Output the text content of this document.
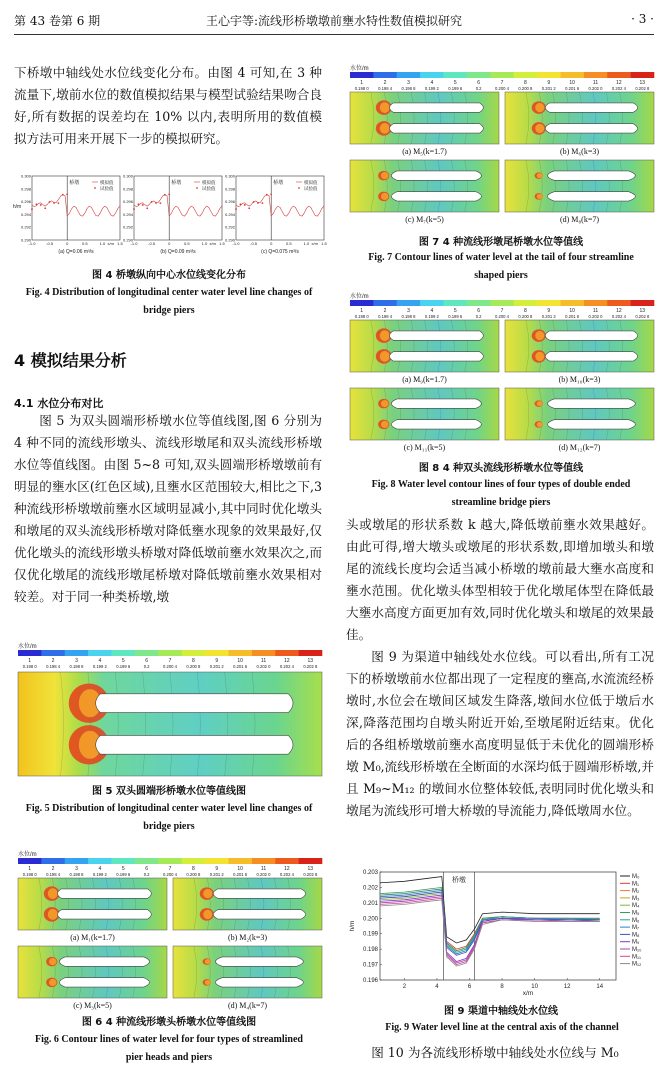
第 43 卷第 6 期	王心宇等:流线形桥墩墩前壅水特性数值模拟研究	· 3 ·

下桥墩中轴线处水位线变化分布。由图 4 可知,在 3 种流量下,墩前水位的数值模拟结果与模型试验结果吻合良好,所有数据的误差均在 10% 以内,表明所用的数值模拟方法可用来开展下一步的模拟研究。

0.300
0.298
0.296
0.294
0.292
0.290
-1.0	-0.5	0	0.5	1.0	1.5
h/m
x/m
桥墩	模拟值
试验值
(a) Q=0.06 m³/s
0.300
0.298
0.296
0.294
0.292
0.290
-1.0	-0.5	0	0.5	1.0	1.5
x/m
桥墩	模拟值
试验值
(b) Q=0.09 m³/s
0.300
0.298
0.296
0.294
0.292
0.290
-1.0	-0.5	0	0.5	1.0	1.5
x/m
桥墩	模拟值
试验值
(c) Q=0.075 m³/s
图 4 桥墩纵向中心水位线变化分布
Fig. 4 Distribution of longitudinal center water level line changes of bridge piers
4 模拟结果分析
4.1 水位分布对比

图 5 为双头圆端形桥墩水位等值线图,图 6 分别为 4 种不同的流线形墩头、流线形墩尾和双头流线形桥墩水位等值线图。由图 5~8 可知,双头圆端形桥墩墩前有明显的壅水区(红色区域),且壅水区范围较大,相比之下,3 种流线形桥墩墩前壅水区域明显减小,其中同时优化墩头和墩尾的双头流线形桥墩对降低壅水现象的效果最好,仅优化墩头的流线形墩头桥墩对降低墩前壅水效果次之,而仅优化墩尾的流线形墩尾桥墩对降低墩前壅水效果相对较差。对于同一种类桥墩,墩

水位/m
1
0.198 0
2
0.198 4
3
0.198 8
4
0.199 2
5
0.199 6
6
0.2
7
0.200 4
8
0.200 8
9
0.201 2
10
0.201 6
11
0.202 0
12
0.202 4
13
0.202 8
图 5 双头圆端形桥墩水位等值线图
Fig. 5 Distribution of longitudinal center water level line changes of bridge piers
水位/m
1
0.198 0
2
0.198 4
3
0.198 8
4
0.199 2
5
0.199 6
6
0.2
7
0.200 4
8
0.200 8
9
0.201 2
10
0.201 6
11
0.202 0
12
0.202 4
13
0.202 8
(a) M₁(k=1.7)	(b) M₂(k=3)
(c) M₃(k=5)	(d) M₄(k=7)
图 6 4 种流线形墩头桥墩水位等值线图
Fig. 6 Contour lines of water level for four types of streamlined pier heads and piers
水位/m
1
0.198 0
2
0.198 4
3
0.198 8
4
0.199 2
5
0.199 6
6
0.2
7
0.200 4
8
0.200 8
9
0.201 2
10
0.201 6
11
0.202 0
12
0.202 4
13
0.202 8
(a) M₅(k=1.7)	(b) M₆(k=3)
(c) M₇(k=5)	(d) M₈(k=7)
图 7 4 种流线形墩尾桥墩水位等值线
Fig. 7 Contour lines of water level at the tail of four streamline shaped piers
水位/m
1
0.198 0
2
0.198 4
3
0.198 8
4
0.199 2
5
0.199 6
6
0.2
7
0.200 4
8
0.200 8
9
0.201 2
10
0.201 6
11
0.202 0
12
0.202 4
13
0.202 8
(a) M₉(k=1.7)	(b) M₁₀(k=3)
(c) M₁₁(k=5)	(d) M₁₂(k=7)
图 8 4 种双头流线形桥墩水位等值线
Fig. 8 Water level contour lines of four types of double ended streamline bridge piers

头或墩尾的形状系数 k 越大,降低墩前壅水效果越好。由此可得,增大墩头或墩尾的形状系数,即增加墩头和墩尾的流线长度均会适当减小桥墩的墩前最大壅水高度和壅水范围。优化墩头体型相较于优化墩尾体型在降低最大壅水高度方面更加有效,同时优化墩头和墩尾的效果最佳。

图 9 为渠道中轴线处水位线。可以看出,所有工况下的桥墩墩前水位都出现了一定程度的壅高,水流流经桥墩时,水位会在墩间区域发生降落,墩间水位低于墩后水深,降落范围均自墩头附近开始,至墩尾附近结束。优化后的各组桥墩墩前壅水高度明显低于未优化的圆端形桥墩 M₀,流线形桥墩在全断面的水深均低于圆端形桥墩,并且 M₉~M₁₂ 的墩间水位整体较低,表明同时优化墩头和墩尾为流线形可增大桥墩的导流能力,降低墩周水位。

0.196
0.197
0.198
0.199
0.200
0.201
0.202
0.203
2	4	6	8	10	12	14
x/m
h/m
桥墩	M₀
M₁
M₂
M₃
M₄
M₅
M₆
M₇
M₈
M₉
M₁₀
M₁₁
M₁₂
图 9 渠道中轴线处水位线
Fig. 9 Water level line at the central axis of the channel

图 10 为各流线形桥墩中轴线处水位线与 M₀
